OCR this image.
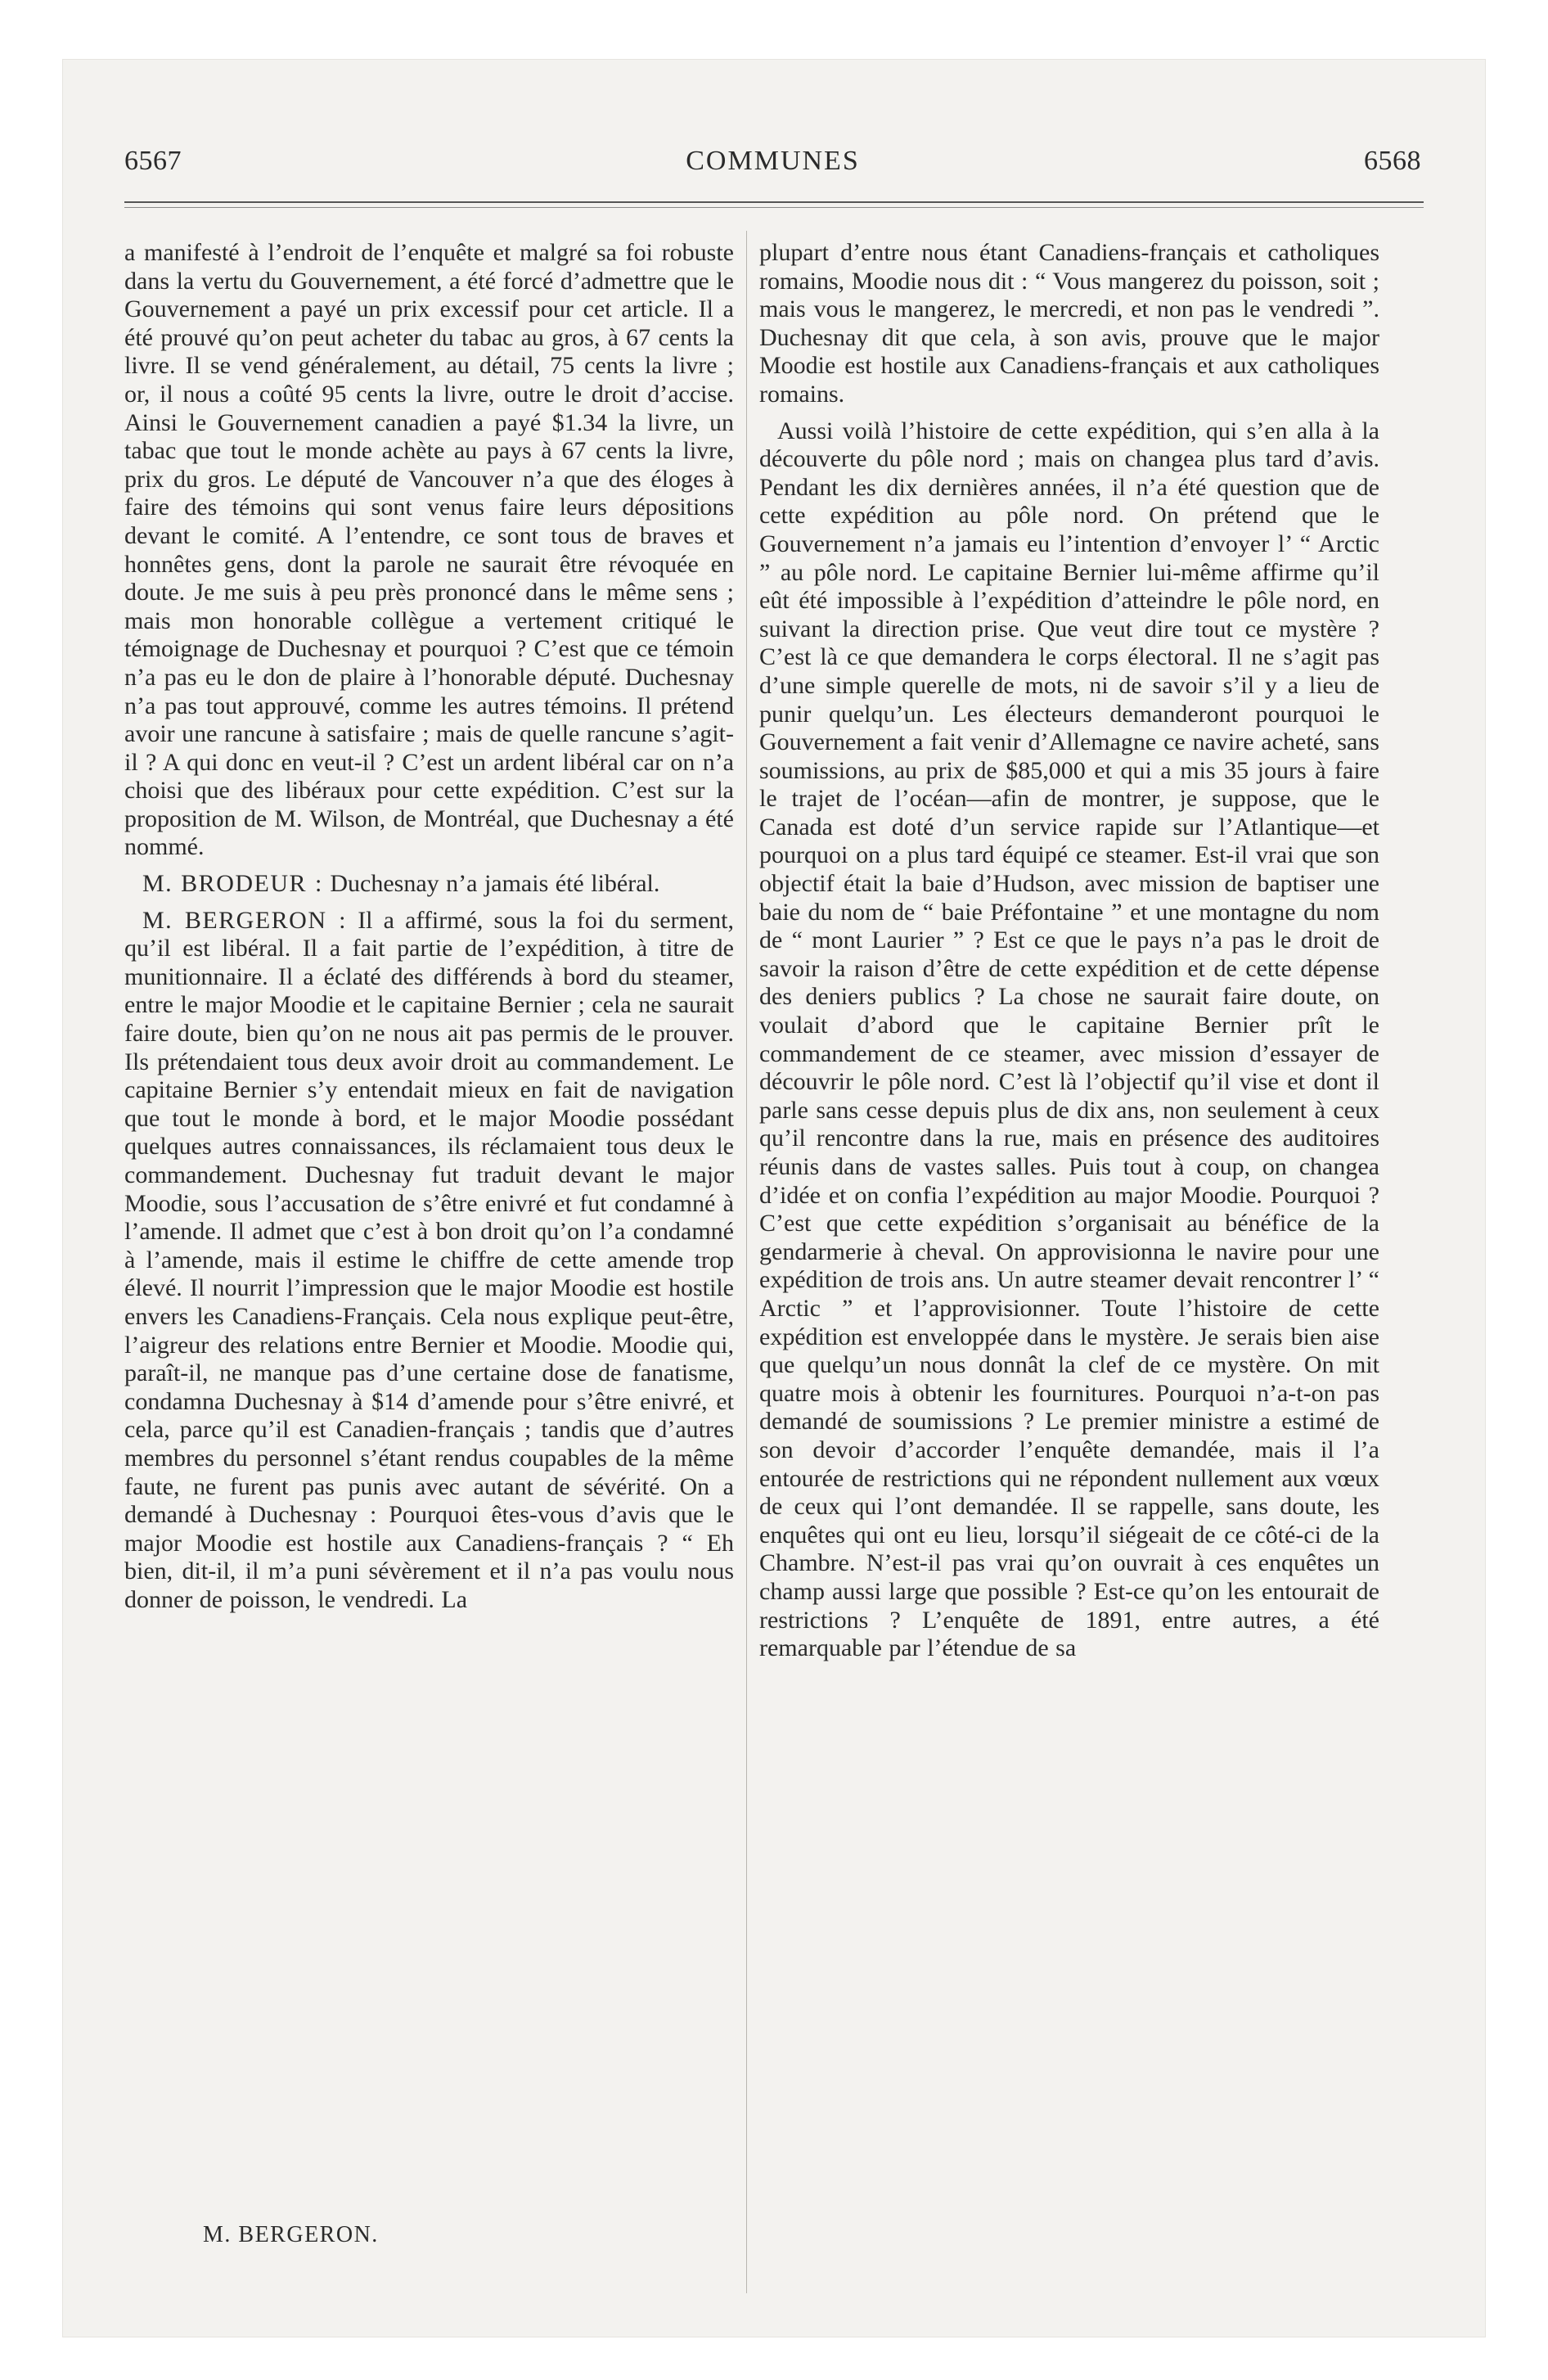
6567	COMMUNES	6568

a manifesté à l’endroit de l’enquête et malgré sa foi robuste dans la vertu du Gouvernement, a été forcé d’admettre que le Gouvernement a payé un prix excessif pour cet article. Il a été prouvé qu’on peut acheter du tabac au gros, à 67 cents la livre. Il se vend généralement, au détail, 75 cents la livre ; or, il nous a coûté 95 cents la livre, outre le droit d’accise. Ainsi le Gouvernement canadien a payé $1.34 la livre, un tabac que tout le monde achète au pays à 67 cents la livre, prix du gros. Le député de Vancouver n’a que des éloges à faire des témoins qui sont venus faire leurs dépositions devant le comité. A l’entendre, ce sont tous de braves et honnêtes gens, dont la parole ne saurait être révoquée en doute. Je me suis à peu près prononcé dans le même sens ; mais mon honorable collègue a vertement critiqué le témoignage de Duchesnay et pourquoi ? C’est que ce témoin n’a pas eu le don de plaire à l’honorable député. Duchesnay n’a pas tout approuvé, comme les autres témoins. Il prétend avoir une rancune à satisfaire ; mais de quelle rancune s’agit-il ? A qui donc en veut-il ? C’est un ardent libéral car on n’a choisi que des libéraux pour cette expédition. C’est sur la proposition de M. Wilson, de Montréal, que Duchesnay a été nommé.

M. BRODEUR : Duchesnay n’a jamais été libéral.

M. BERGERON : Il a affirmé, sous la foi du serment, qu’il est libéral. Il a fait partie de l’expédition, à titre de munitionnaire. Il a éclaté des différends à bord du steamer, entre le major Moodie et le capitaine Bernier ; cela ne saurait faire doute, bien qu’on ne nous ait pas permis de le prouver. Ils prétendaient tous deux avoir droit au commandement. Le capitaine Bernier s’y entendait mieux en fait de navigation que tout le monde à bord, et le major Moodie possédant quelques autres connaissances, ils réclamaient tous deux le commandement. Duchesnay fut traduit devant le major Moodie, sous l’accusation de s’être enivré et fut condamné à l’amende. Il admet que c’est à bon droit qu’on l’a condamné à l’amende, mais il estime le chiffre de cette amende trop élevé. Il nourrit l’impression que le major Moodie est hostile envers les Canadiens-Français. Cela nous explique peut-être, l’aigreur des relations entre Bernier et Moodie. Moodie qui, paraît-il, ne manque pas d’une certaine dose de fanatisme, condamna Duchesnay à $14 d’amende pour s’être enivré, et cela, parce qu’il est Canadien-français ; tandis que d’autres membres du personnel s’étant rendus coupables de la même faute, ne furent pas punis avec autant de sévérité. On a demandé à Duchesnay : Pourquoi êtes-vous d’avis que le major Moodie est hostile aux Canadiens-français ? “ Eh bien, dit-il, il m’a puni sévèrement et il n’a pas voulu nous donner de poisson, le vendredi. La

plupart d’entre nous étant Canadiens-français et catholiques romains, Moodie nous dit : “ Vous mangerez du poisson, soit ; mais vous le mangerez, le mercredi, et non pas le vendredi ”. Duchesnay dit que cela, à son avis, prouve que le major Moodie est hostile aux Canadiens-français et aux catholiques romains.

Aussi voilà l’histoire de cette expédition, qui s’en alla à la découverte du pôle nord ; mais on changea plus tard d’avis. Pendant les dix dernières années, il n’a été question que de cette expédition au pôle nord. On prétend que le Gouvernement n’a jamais eu l’intention d’envoyer l’ “ Arctic ” au pôle nord. Le capitaine Bernier lui-même affirme qu’il eût été impossible à l’expédition d’atteindre le pôle nord, en suivant la direction prise. Que veut dire tout ce mystère ? C’est là ce que demandera le corps électoral. Il ne s’agit pas d’une simple querelle de mots, ni de savoir s’il y a lieu de punir quelqu’un. Les électeurs demanderont pourquoi le Gouvernement a fait venir d’Allemagne ce navire acheté, sans soumissions, au prix de $85,000 et qui a mis 35 jours à faire le trajet de l’océan—afin de montrer, je suppose, que le Canada est doté d’un service rapide sur l’Atlantique—et pourquoi on a plus tard équipé ce steamer. Est-il vrai que son objectif était la baie d’Hudson, avec mission de baptiser une baie du nom de “ baie Préfontaine ” et une montagne du nom de “ mont Laurier ” ? Est ce que le pays n’a pas le droit de savoir la raison d’être de cette expédition et de cette dépense des deniers publics ? La chose ne saurait faire doute, on voulait d’abord que le capitaine Bernier prît le commandement de ce steamer, avec mission d’essayer de découvrir le pôle nord. C’est là l’objectif qu’il vise et dont il parle sans cesse depuis plus de dix ans, non seulement à ceux qu’il rencontre dans la rue, mais en présence des auditoires réunis dans de vastes salles. Puis tout à coup, on changea d’idée et on confia l’expédition au major Moodie. Pourquoi ? C’est que cette expédition s’organisait au bénéfice de la gendarmerie à cheval. On approvisionna le navire pour une expédition de trois ans. Un autre steamer devait rencontrer l’ “ Arctic ” et l’approvisionner. Toute l’histoire de cette expédition est enveloppée dans le mystère. Je serais bien aise que quelqu’un nous donnât la clef de ce mystère. On mit quatre mois à obtenir les fournitures. Pourquoi n’a-t-on pas demandé de soumissions ? Le premier ministre a estimé de son devoir d’accorder l’enquête demandée, mais il l’a entourée de restrictions qui ne répondent nullement aux vœux de ceux qui l’ont demandée. Il se rappelle, sans doute, les enquêtes qui ont eu lieu, lorsqu’il siégeait de ce côté-ci de la Chambre. N’est-il pas vrai qu’on ouvrait à ces enquêtes un champ aussi large que possible ? Est-ce qu’on les entourait de restrictions ? L’enquête de 1891, entre autres, a été remarquable par l’étendue de sa

M. BERGERON.
